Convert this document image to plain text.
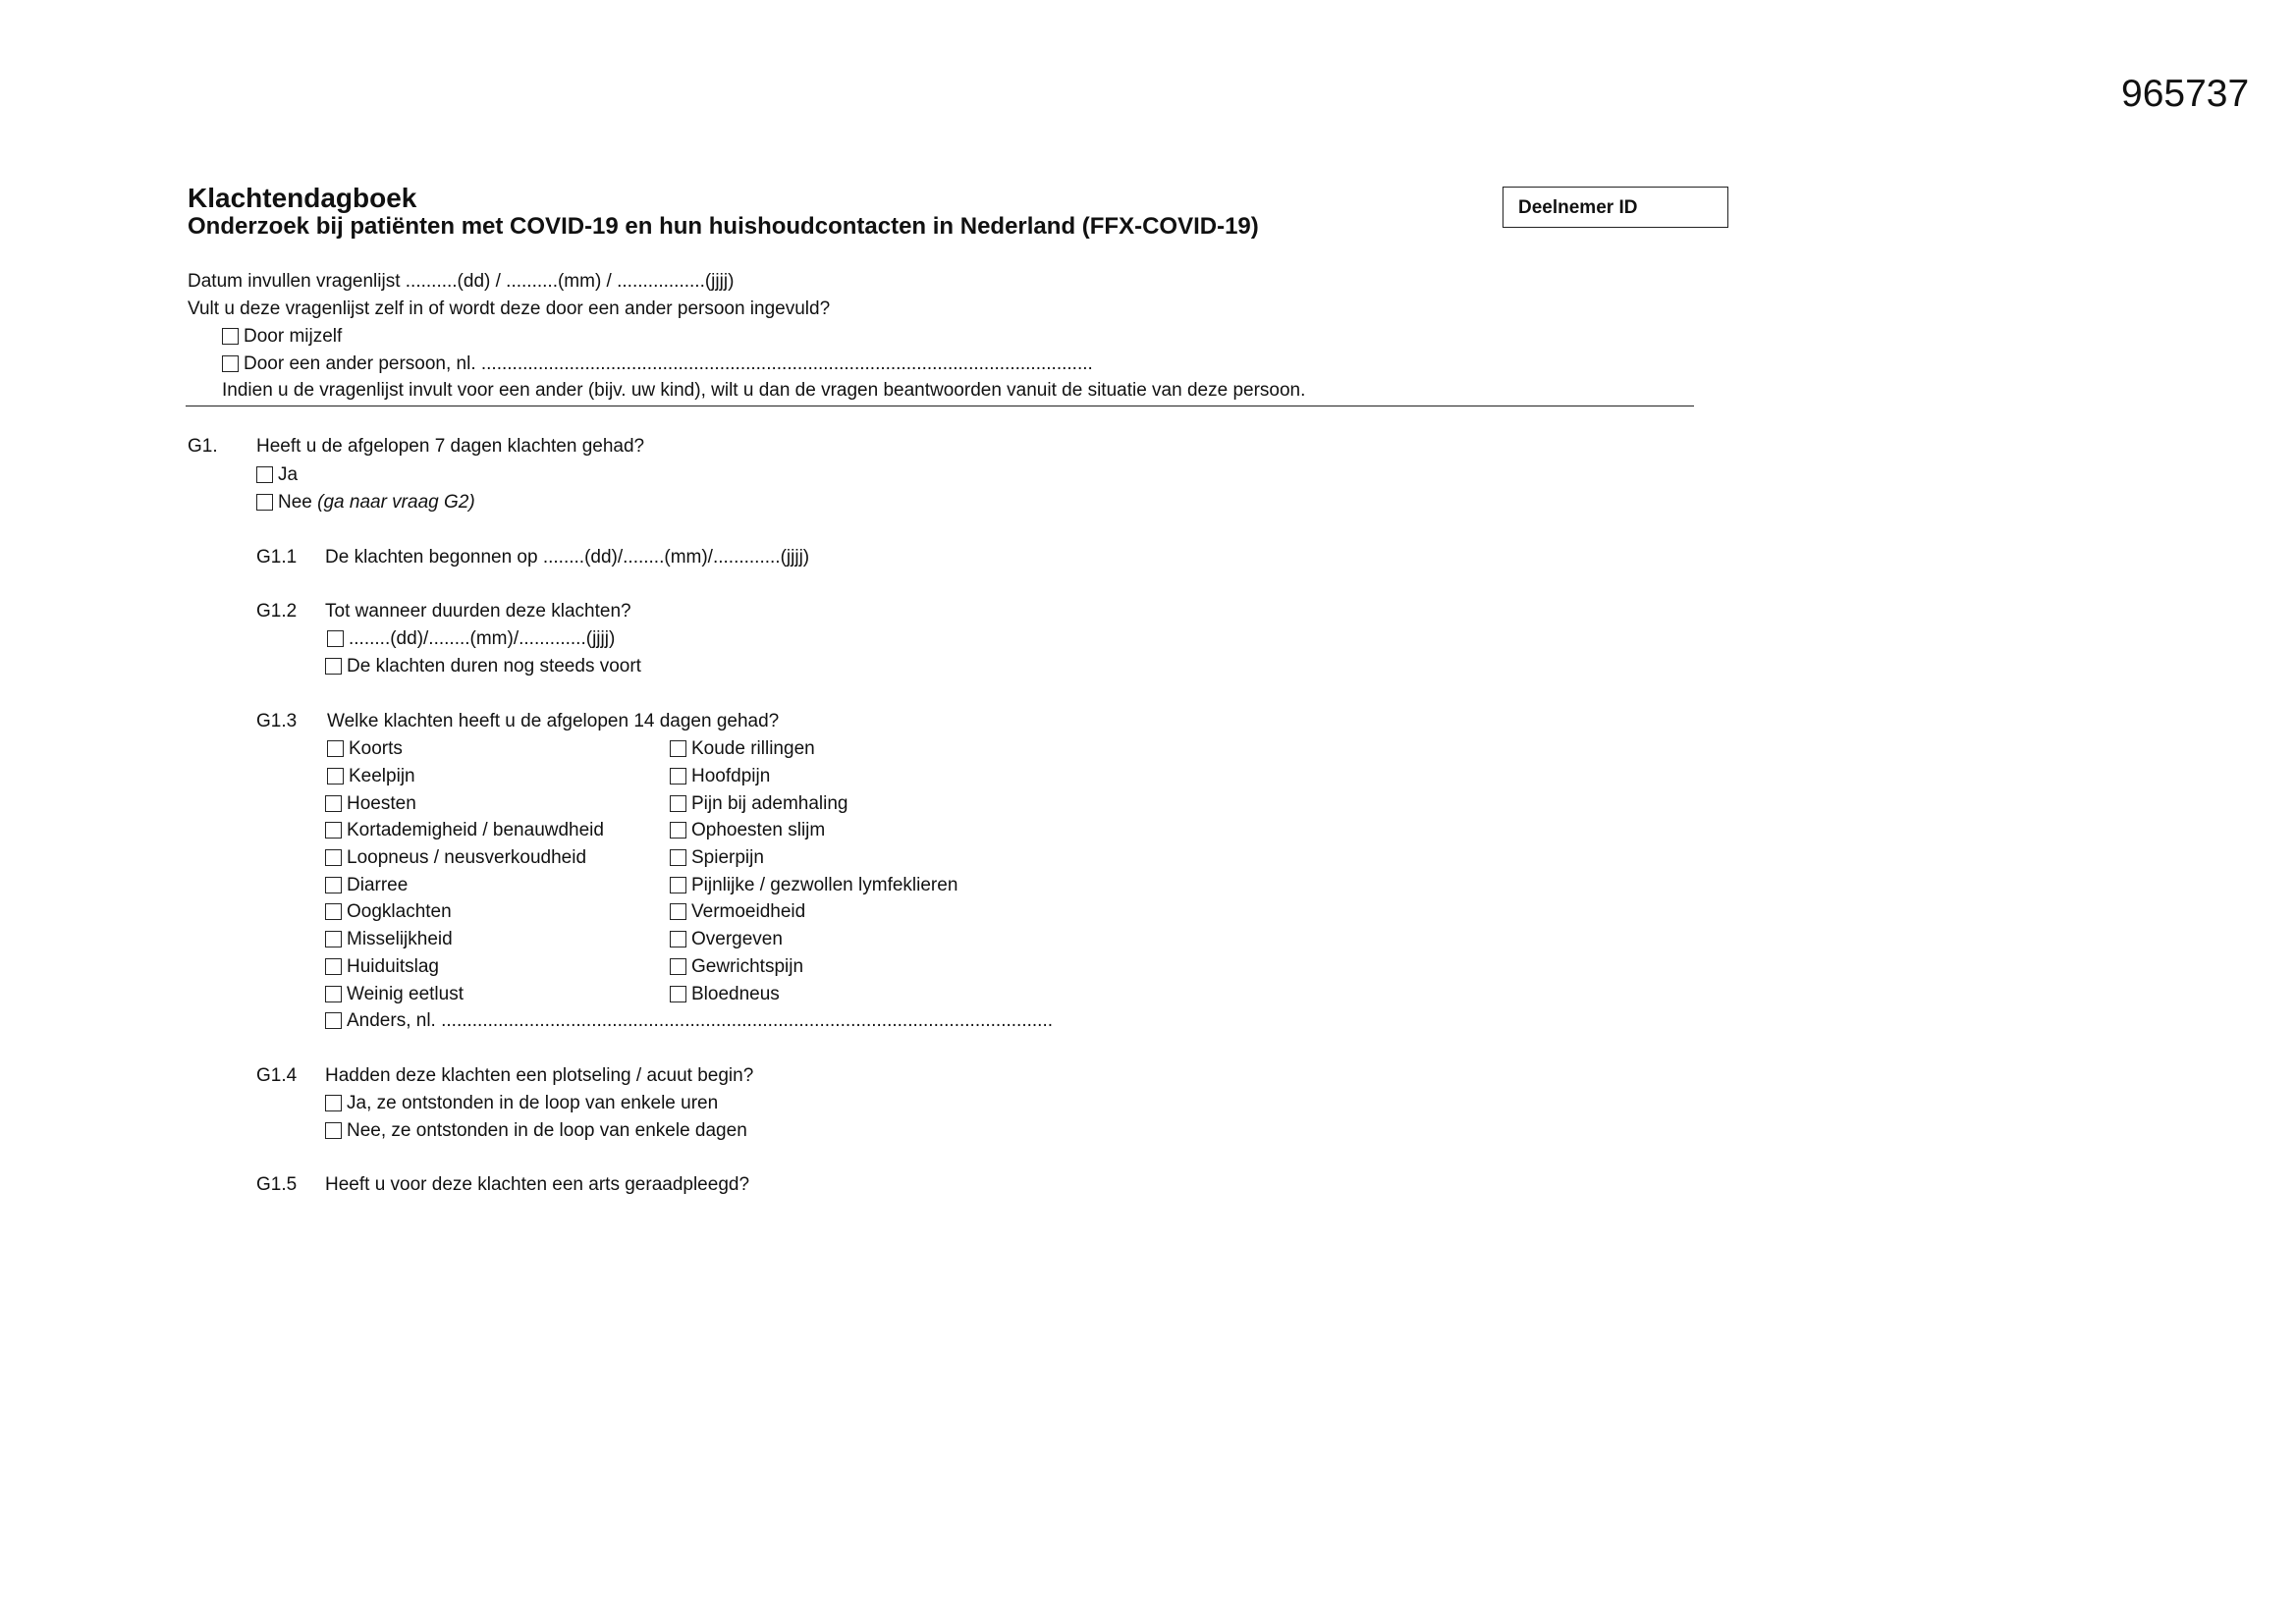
965737
Klachtendagboek
Onderzoek bij patiënten met COVID-19 en hun huishoudcontacten in Nederland (FFX-COVID-19)
Deelnemer ID
Datum invullen vragenlijst ..........(dd) / ..........(mm) / .................(jjjj)
Vult u deze vragenlijst zelf in of wordt deze door een ander persoon ingevuld?
Door mijzelf
Door een ander persoon, nl. ......................................................................................................................
Indien u de vragenlijst invult voor een ander (bijv. uw kind), wilt u dan de vragen beantwoorden vanuit de situatie van deze persoon.
G1. Heeft u de afgelopen 7 dagen klachten gehad?
Ja
Nee (ga naar vraag G2)
G1.1 De klachten begonnen op ........(dd)/........(mm)/.............(jjjj)
G1.2 Tot wanneer duurden deze klachten?
........(dd)/........(mm)/.............(jjjj)
De klachten duren nog steeds voort
G1.3 Welke klachten heeft u de afgelopen 14 dagen gehad?
Koorts
Keelpijn
Hoesten
Kortademigheid / benauwdheid
Loopneus / neusverkoudheid
Diarree
Oogklachten
Misselijkheid
Huiduitslag
Weinig eetlust
Koude rillingen
Hoofdpijn
Pijn bij ademhaling
Ophoesten slijm
Spierpijn
Pijnlijke / gezwollen lymfeklieren
Vermoeidheid
Overgeven
Gewrichtspijn
Bloedneus
Anders, nl. ......................................................................................................................
G1.4 Hadden deze klachten een plotseling / acuut begin?
Ja, ze ontstonden in de loop van enkele uren
Nee, ze ontstonden in de loop van enkele dagen
G1.5 Heeft u voor deze klachten een arts geraadpleegd?
